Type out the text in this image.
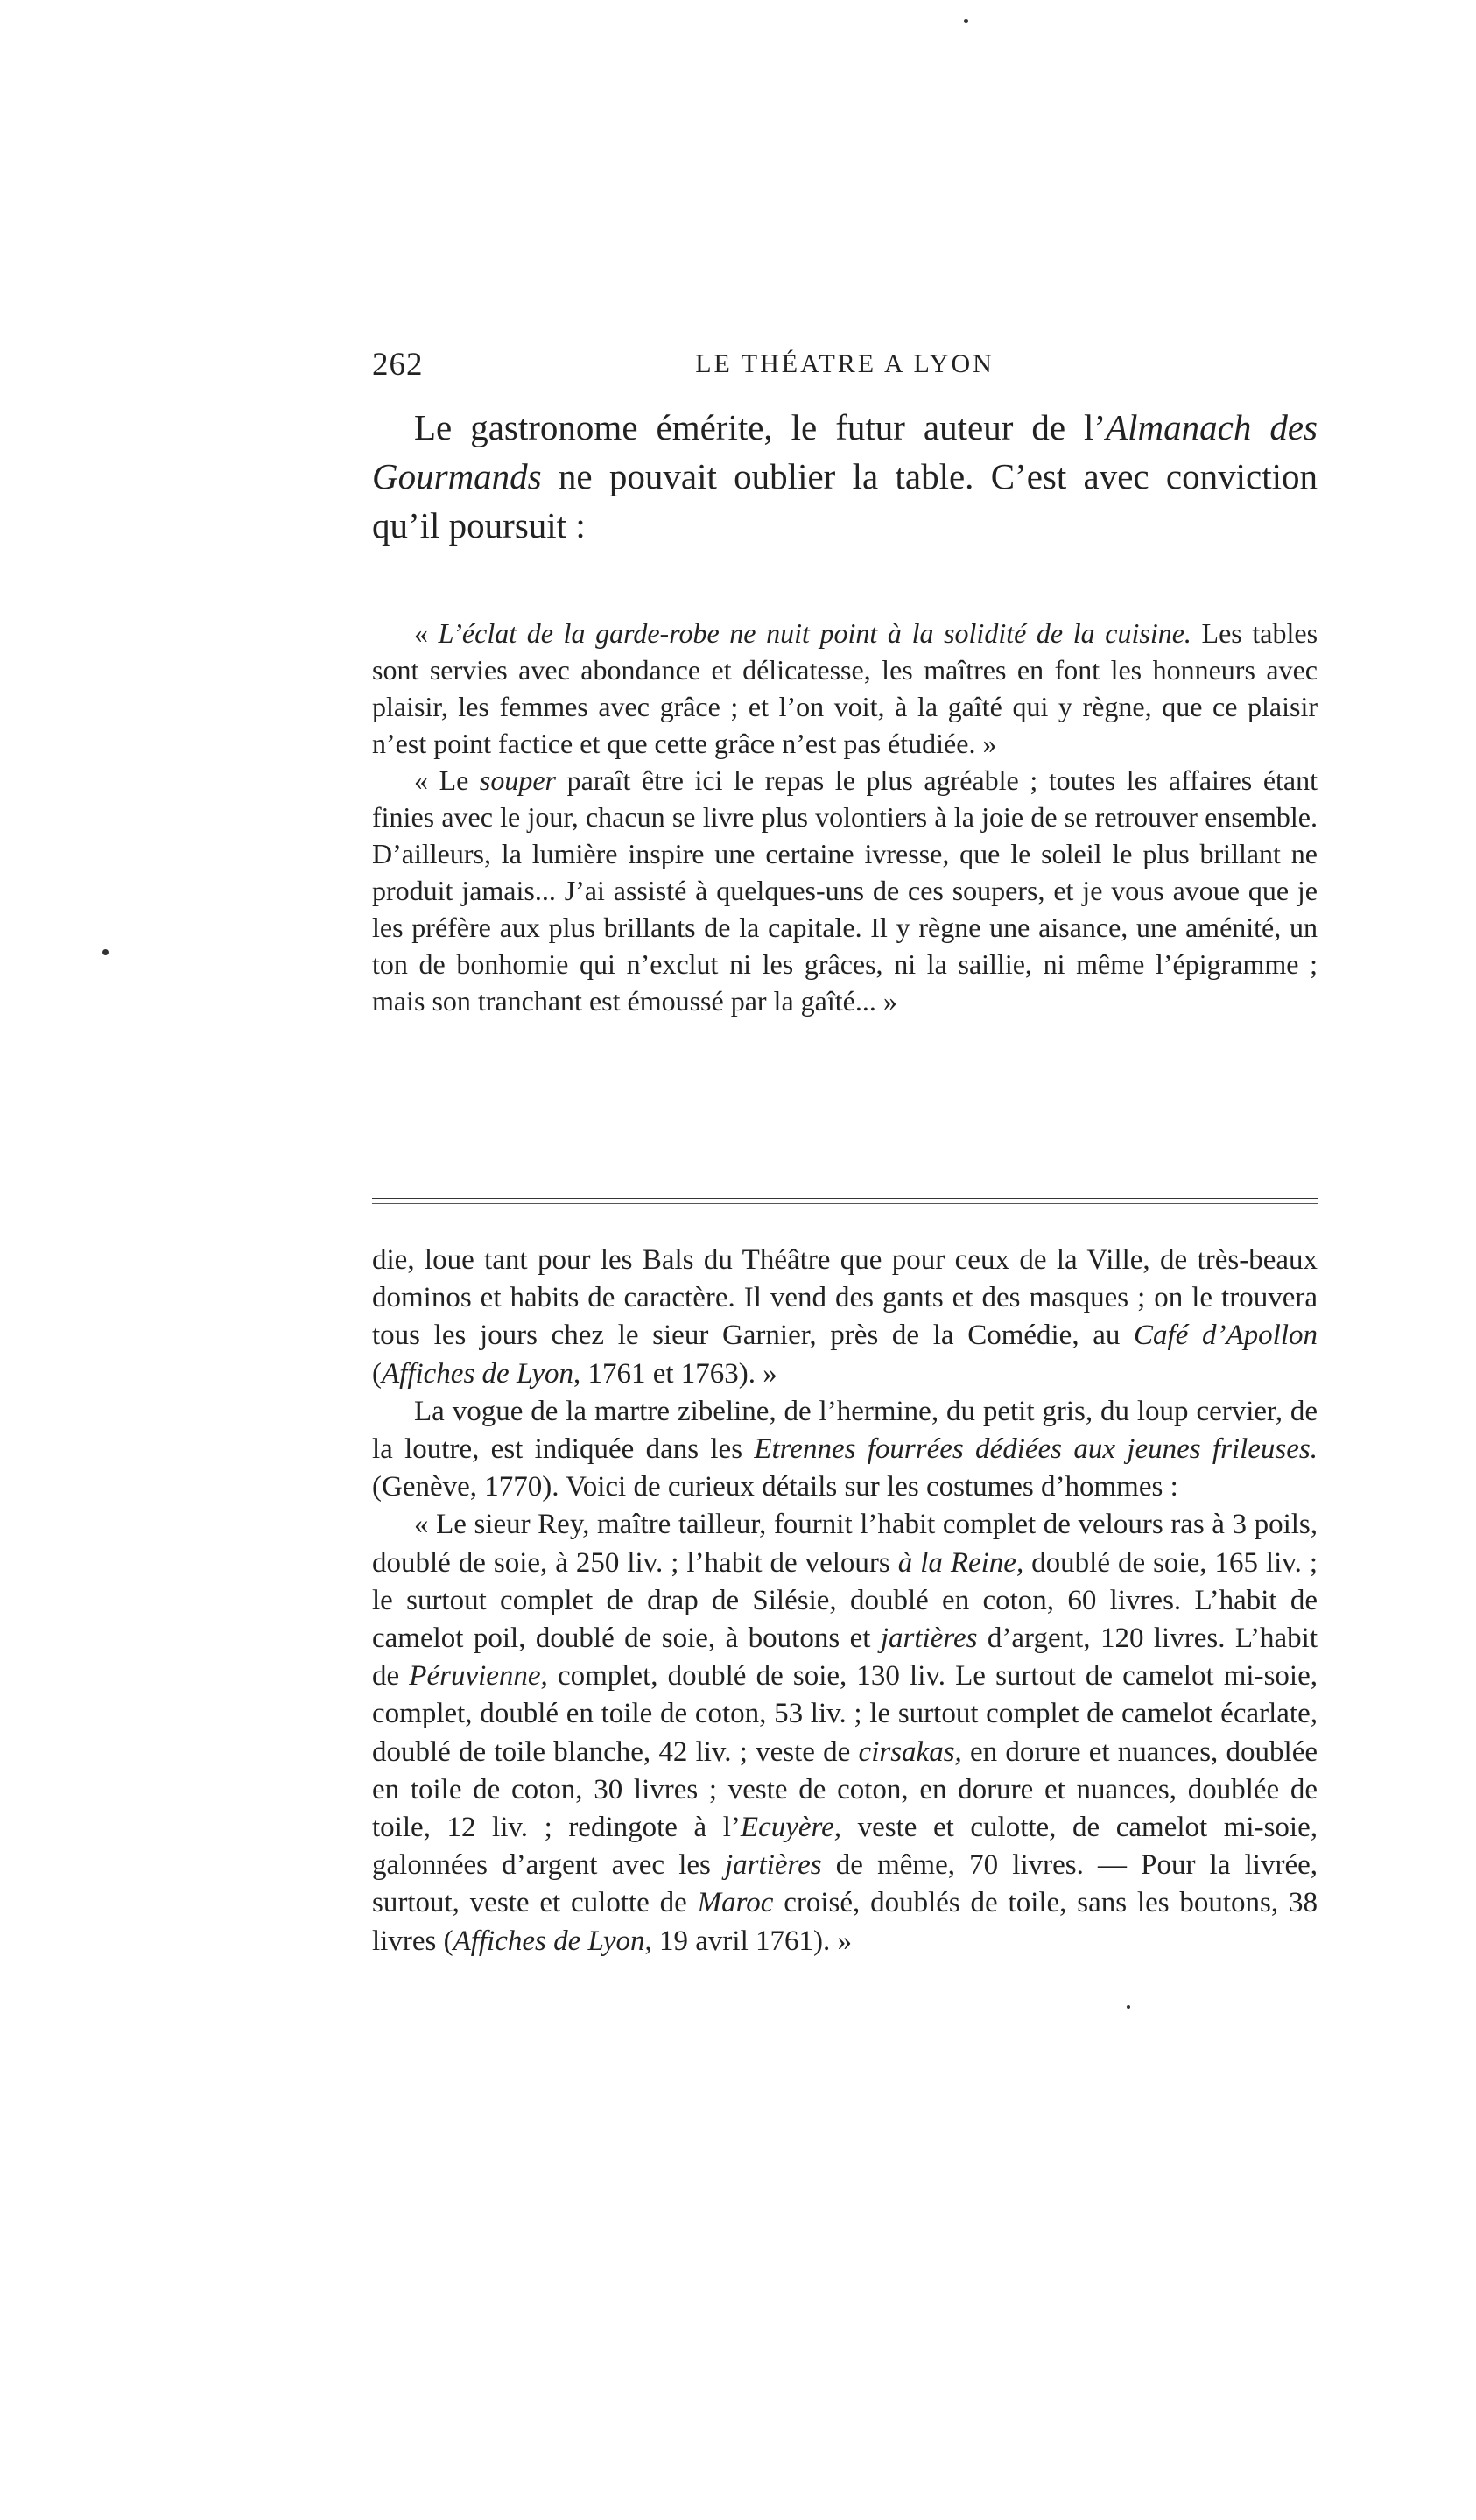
262	LE THÉATRE A LYON

Le gastronome émérite, le futur auteur de l’Almanach des Gourmands ne pouvait oublier la table. C’est avec conviction qu’il poursuit :

« L’éclat de la garde-robe ne nuit point à la solidité de la cuisine. Les tables sont servies avec abondance et délicatesse, les maîtres en font les honneurs avec plaisir, les femmes avec grâce ; et l’on voit, à la gaîté qui y règne, que ce plaisir n’est point factice et que cette grâce n’est pas étudiée. »

« Le souper paraît être ici le repas le plus agréable ; toutes les affaires étant finies avec le jour, chacun se livre plus volontiers à la joie de se retrouver ensemble. D’ailleurs, la lumière inspire une certaine ivresse, que le soleil le plus brillant ne produit jamais... J’ai assisté à quelques-uns de ces soupers, et je vous avoue que je les préfère aux plus brillants de la capitale. Il y règne une aisance, une aménité, un ton de bonhomie qui n’exclut ni les grâces, ni la saillie, ni même l’épigramme ; mais son tranchant est émoussé par la gaîté... »

die, loue tant pour les Bals du Théâtre que pour ceux de la Ville, de très-beaux dominos et habits de caractère. Il vend des gants et des masques ; on le trouvera tous les jours chez le sieur Garnier, près de la Comédie, au Café d’Apollon (Affiches de Lyon, 1761 et 1763). »

La vogue de la martre zibeline, de l’hermine, du petit gris, du loup cervier, de la loutre, est indiquée dans les Etrennes fourrées dédiées aux jeunes frileuses. (Genève, 1770). Voici de curieux détails sur les costumes d’hommes :

« Le sieur Rey, maître tailleur, fournit l’habit complet de velours ras à 3 poils, doublé de soie, à 250 liv. ; l’habit de velours à la Reine, doublé de soie, 165 liv. ; le surtout complet de drap de Silésie, doublé en coton, 60 livres. L’habit de camelot poil, doublé de soie, à boutons et jartières d’argent, 120 livres. L’habit de Péruvienne, complet, doublé de soie, 130 liv. Le surtout de camelot mi-soie, complet, doublé en toile de coton, 53 liv. ; le surtout complet de camelot écarlate, doublé de toile blanche, 42 liv. ; veste de cirsakas, en dorure et nuances, doublée en toile de coton, 30 livres ; veste de coton, en dorure et nuances, doublée de toile, 12 liv. ; redingote à l’Ecuyère, veste et culotte, de camelot mi-soie, galonnées d’argent avec les jartières de même, 70 livres. — Pour la livrée, surtout, veste et culotte de Maroc croisé, doublés de toile, sans les boutons, 38 livres (Affiches de Lyon, 19 avril 1761). »
